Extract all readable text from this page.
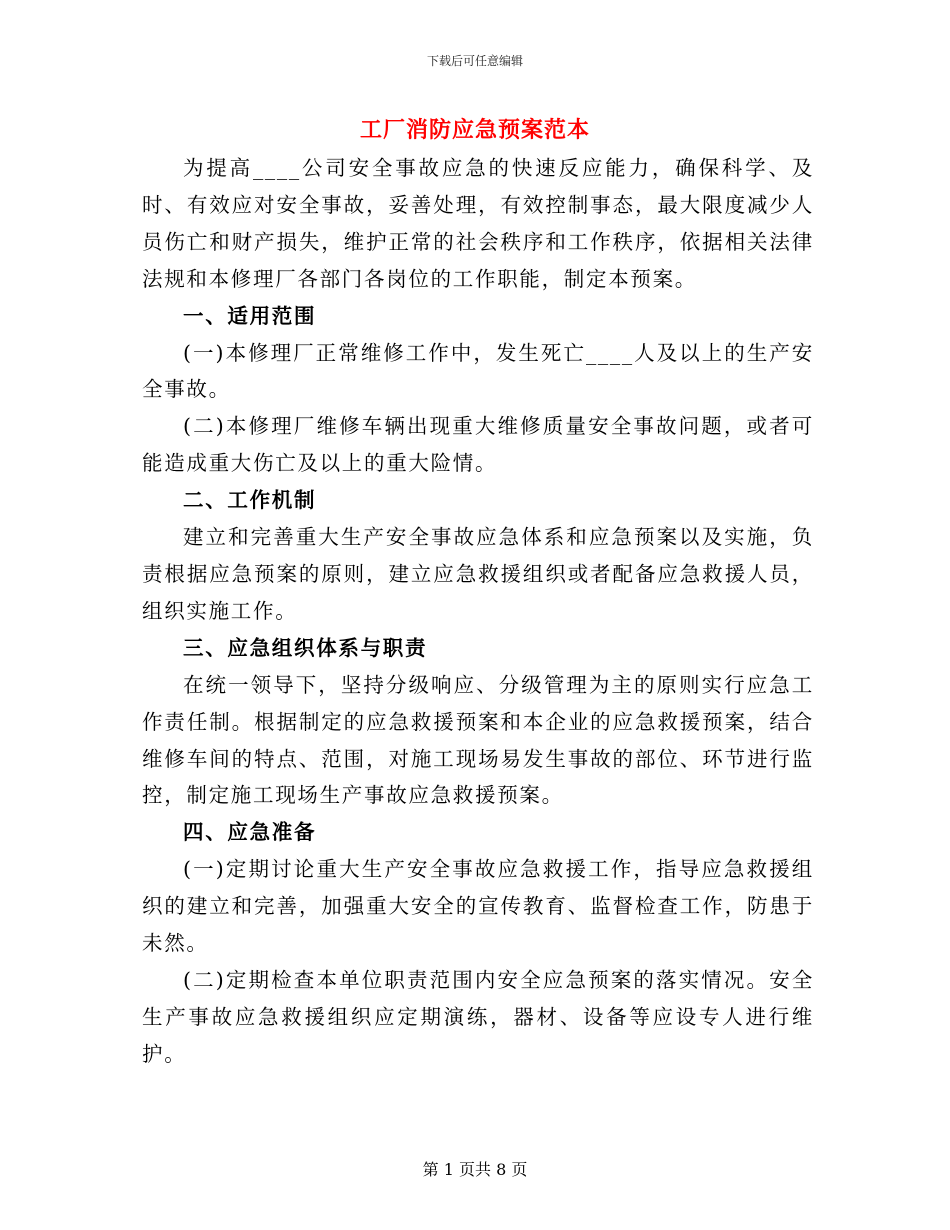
下载后可任意编辑
工厂消防应急预案范本

为提高____公司安全事故应急的快速反应能力，确保科学、及时、有效应对安全事故，妥善处理，有效控制事态，最大限度减少人员伤亡和财产损失，维护正常的社会秩序和工作秩序，依据相关法律法规和本修理厂各部门各岗位的工作职能，制定本预案。

一、适用范围

(一)本修理厂正常维修工作中，发生死亡____人及以上的生产安全事故。

(二)本修理厂维修车辆出现重大维修质量安全事故问题，或者可能造成重大伤亡及以上的重大险情。

二、工作机制

建立和完善重大生产安全事故应急体系和应急预案以及实施，负责根据应急预案的原则，建立应急救援组织或者配备应急救援人员，组织实施工作。

三、应急组织体系与职责

在统一领导下，坚持分级响应、分级管理为主的原则实行应急工作责任制。根据制定的应急救援预案和本企业的应急救援预案，结合维修车间的特点、范围，对施工现场易发生事故的部位、环节进行监控，制定施工现场生产事故应急救援预案。

四、应急准备

(一)定期讨论重大生产安全事故应急救援工作，指导应急救援组织的建立和完善，加强重大安全的宣传教育、监督检查工作，防患于未然。

(二)定期检查本单位职责范围内安全应急预案的落实情况。安全生产事故应急救援组织应定期演练，器材、设备等应设专人进行维护。

第 1 页共 8 页
